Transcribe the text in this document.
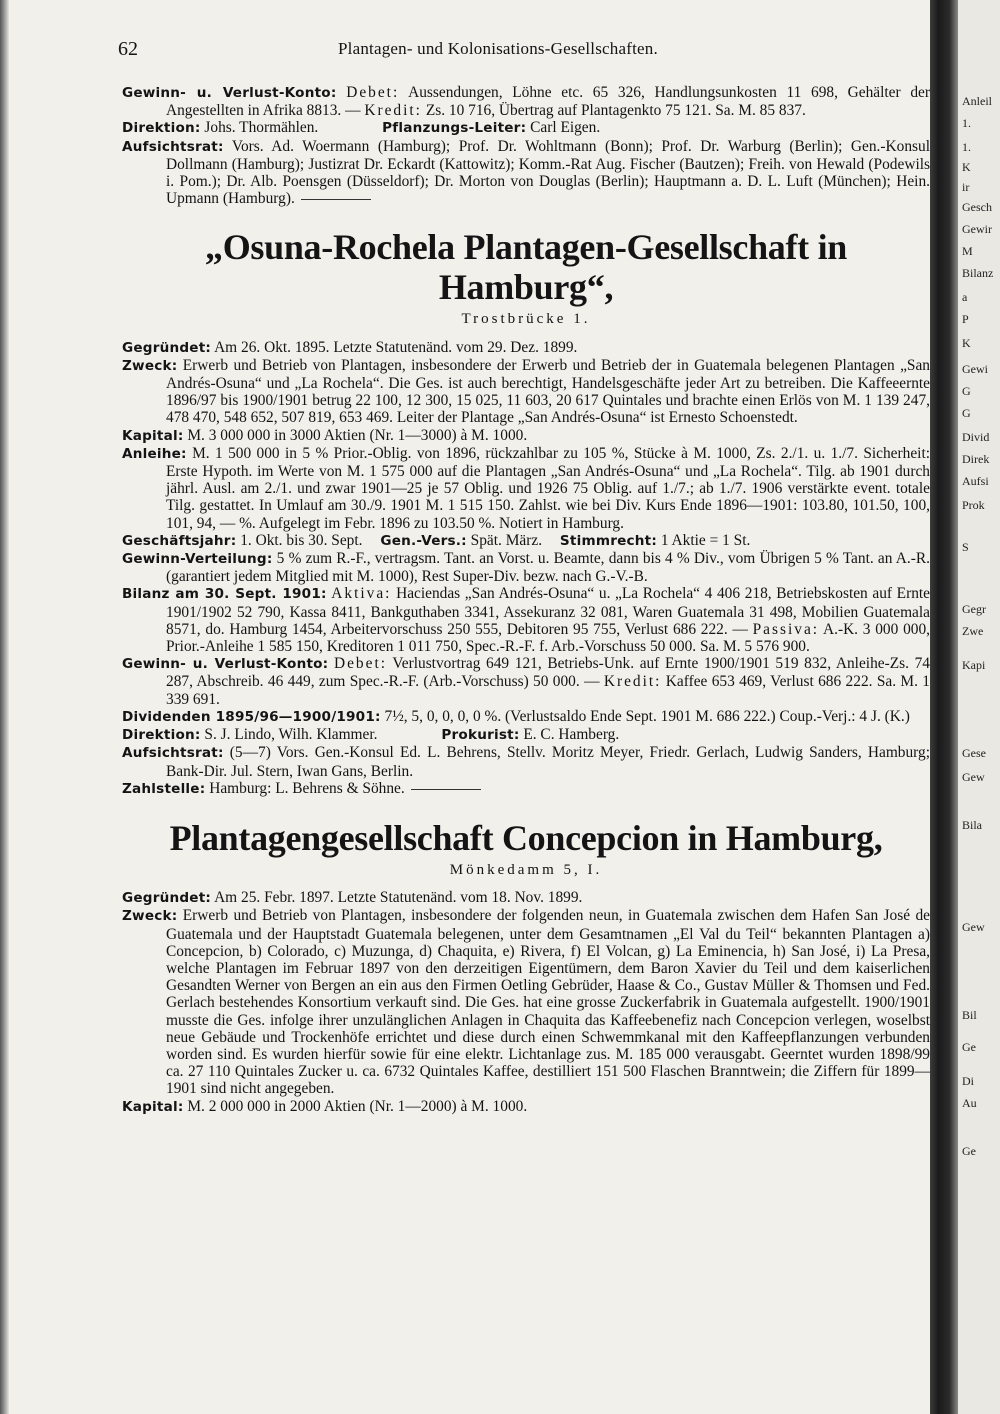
62	Plantagen- und Kolonisations-Gesellschaften.

Gewinn- u. Verlust-Konto: Debet: Aussendungen, Löhne etc. 65 326, Handlungsunkosten 11 698, Gehälter der Angestellten in Afrika 8813. — Kredit: Zs. 10 716, Übertrag auf Plantagenkto 75 121. Sa. M. 85 837.

Direktion: Johs. Thormählen.	Pflanzungs-Leiter: Carl Eigen.

Aufsichtsrat: Vors. Ad. Woermann (Hamburg); Prof. Dr. Wohltmann (Bonn); Prof. Dr. Warburg (Berlin); Gen.-Konsul Dollmann (Hamburg); Justizrat Dr. Eckardt (Kattowitz); Komm.-Rat Aug. Fischer (Bautzen); Freih. von Hewald (Podewils i. Pom.); Dr. Alb. Poensgen (Düsseldorf); Dr. Morton von Douglas (Berlin); Hauptmann a. D. L. Luft (München); Hein. Upmann (Hamburg).

„Osuna-Rochela Plantagen-Gesellschaft in Hamburg“,
Trostbrücke 1.

Gegründet: Am 26. Okt. 1895. Letzte Statutenänd. vom 29. Dez. 1899.

Zweck: Erwerb und Betrieb von Plantagen, insbesondere der Erwerb und Betrieb der in Guatemala belegenen Plantagen „San Andrés-Osuna“ und „La Rochela“. Die Ges. ist auch berechtigt, Handelsgeschäfte jeder Art zu betreiben. Die Kaffeeernte 1896/97 bis 1900/1901 betrug 22 100, 12 300, 15 025, 11 603, 20 617 Quintales und brachte einen Erlös von M. 1 139 247, 478 470, 548 652, 507 819, 653 469. Leiter der Plantage „San Andrés-Osuna“ ist Ernesto Schoenstedt.

Kapital: M. 3 000 000 in 3000 Aktien (Nr. 1—3000) à M. 1000.

Anleihe: M. 1 500 000 in 5 % Prior.-Oblig. von 1896, rückzahlbar zu 105 %, Stücke à M. 1000, Zs. 2./1. u. 1./7. Sicherheit: Erste Hypoth. im Werte von M. 1 575 000 auf die Plantagen „San Andrés-Osuna“ und „La Rochela“. Tilg. ab 1901 durch jährl. Ausl. am 2./1. und zwar 1901—25 je 57 Oblig. und 1926 75 Oblig. auf 1./7.; ab 1./7. 1906 verstärkte event. totale Tilg. gestattet. In Umlauf am 30./9. 1901 M. 1 515 150. Zahlst. wie bei Div. Kurs Ende 1896—1901: 103.80, 101.50, 100, 101, 94, — %. Aufgelegt im Febr. 1896 zu 103.50 %. Notiert in Hamburg.

Geschäftsjahr: 1. Okt. bis 30. Sept. Gen.-Vers.: Spät. März. Stimmrecht: 1 Aktie = 1 St.

Gewinn-Verteilung: 5 % zum R.-F., vertragsm. Tant. an Vorst. u. Beamte, dann bis 4 % Div., vom Übrigen 5 % Tant. an A.-R. (garantiert jedem Mitglied mit M. 1000), Rest Super-Div. bezw. nach G.-V.-B.

Bilanz am 30. Sept. 1901: Aktiva: Haciendas „San Andrés-Osuna“ u. „La Rochela“ 4 406 218, Betriebskosten auf Ernte 1901/1902 52 790, Kassa 8411, Bankguthaben 3341, Assekuranz 32 081, Waren Guatemala 31 498, Mobilien Guatemala 8571, do. Hamburg 1454, Arbeitervorschuss 250 555, Debitoren 95 755, Verlust 686 222. — Passiva: A.-K. 3 000 000, Prior.-Anleihe 1 585 150, Kreditoren 1 011 750, Spec.-R.-F. f. Arb.-Vorschuss 50 000. Sa. M. 5 576 900.

Gewinn- u. Verlust-Konto: Debet: Verlustvortrag 649 121, Betriebs-Unk. auf Ernte 1900/1901 519 832, Anleihe-Zs. 74 287, Abschreib. 46 449, zum Spec.-R.-F. (Arb.-Vorschuss) 50 000. — Kredit: Kaffee 653 469, Verlust 686 222. Sa. M. 1 339 691.

Dividenden 1895/96—1900/1901: 7½, 5, 0, 0, 0, 0 %. (Verlustsaldo Ende Sept. 1901 M. 686 222.) Coup.-Verj.: 4 J. (K.)

Direktion: S. J. Lindo, Wilh. Klammer.	Prokurist: E. C. Hamberg.

Aufsichtsrat: (5—7) Vors. Gen.-Konsul Ed. L. Behrens, Stellv. Moritz Meyer, Friedr. Gerlach, Ludwig Sanders, Hamburg; Bank-Dir. Jul. Stern, Iwan Gans, Berlin.

Zahlstelle: Hamburg: L. Behrens & Söhne.

Plantagengesellschaft Concepcion in Hamburg,
Mönkedamm 5, I.

Gegründet: Am 25. Febr. 1897. Letzte Statutenänd. vom 18. Nov. 1899.

Zweck: Erwerb und Betrieb von Plantagen, insbesondere der folgenden neun, in Guatemala zwischen dem Hafen San José de Guatemala und der Hauptstadt Guatemala belegenen, unter dem Gesamtnamen „El Val du Teil“ bekannten Plantagen a) Concepcion, b) Colorado, c) Muzunga, d) Chaquita, e) Rivera, f) El Volcan, g) La Eminencia, h) San José, i) La Presa, welche Plantagen im Februar 1897 von den derzeitigen Eigentümern, dem Baron Xavier du Teil und dem kaiserlichen Gesandten Werner von Bergen an ein aus den Firmen Oetling Gebrüder, Haase & Co., Gustav Müller & Thomsen und Fed. Gerlach bestehendes Konsortium verkauft sind. Die Ges. hat eine grosse Zuckerfabrik in Guatemala aufgestellt. 1900/1901 musste die Ges. infolge ihrer unzulänglichen Anlagen in Chaquita das Kaffeebenefiz nach Concepcion verlegen, woselbst neue Gebäude und Trockenhöfe errichtet und diese durch einen Schwemmkanal mit den Kaffeepflanzungen verbunden worden sind. Es wurden hierfür sowie für eine elektr. Lichtanlage zus. M. 185 000 verausgabt. Geerntet wurden 1898/99 ca. 27 110 Quintales Zucker u. ca. 6732 Quintales Kaffee, destilliert 151 500 Flaschen Branntwein; die Ziffern für 1899—1901 sind nicht angegeben.

Kapital: M. 2 000 000 in 2000 Aktien (Nr. 1—2000) à M. 1000.

Anleil
1.
1.
K
ir
Gesch
Gewir
M
Bilanz
a
P
K
Gewi
G
G
Divid
Direk
Aufsi
Prok
S
Gegr
Zwe
Kapi
Gese
Gew
Bila
Gew
Bil
Ge
Di
Au
Ge
